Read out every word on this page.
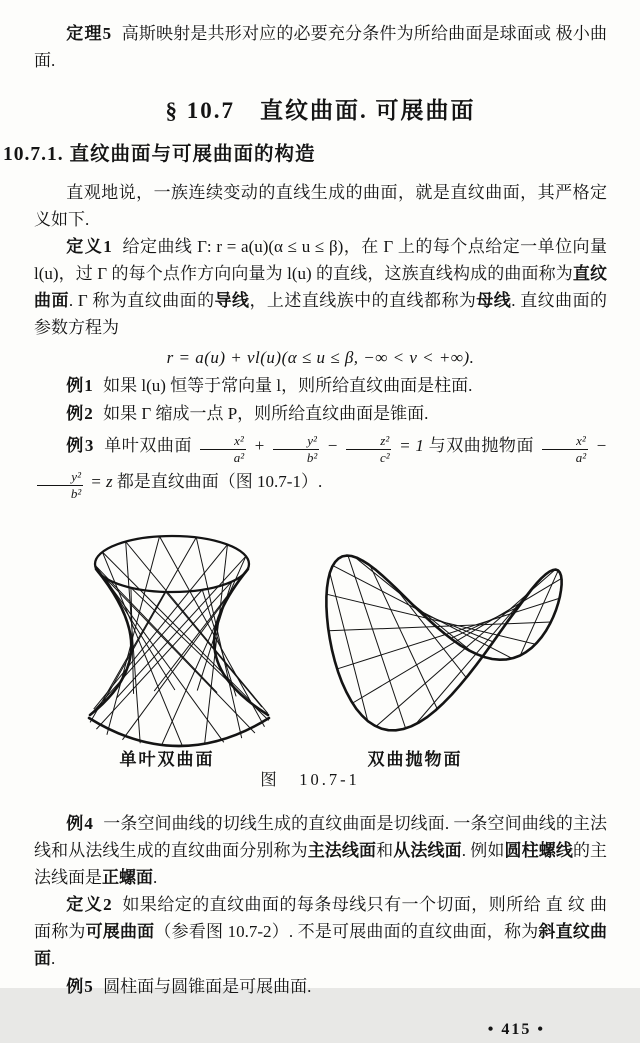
定理5 高斯映射是共形对应的必要充分条件为所给曲面是球面或 极小曲面.

§ 10.7　直纹曲面. 可展曲面
10.7.1. 直纹曲面与可展曲面的构造

直观地说，一族连续变动的直线生成的曲面，就是直纹曲面，其严格定义如下.

定义1 给定曲线 Γ: r = a(u)(α ≤ u ≤ β)，在 Γ 上的每个点给定一单位向量 l(u)，过 Γ 的每个点作方向向量为 l(u) 的直线，这族直线构成的曲面称为直纹曲面. Γ 称为直纹曲面的导线，上述直线族中的直线都称为母线. 直纹曲面的参数方程为

r = a(u) + vl(u)(α ≤ u ≤ β, −∞ < v < +∞).

例1 如果 l(u) 恒等于常向量 l，则所给直纹曲面是柱面.

例2 如果 Γ 缩成一点 P，则所给直纹曲面是锥面.

例3 单叶双曲面 $\frac{\text{x²}}{\text{a²}} + \frac{\text{y²}}{\text{b²}} - \frac{\text{z²}}{\text{c²}} = 1$ 与双曲抛物面 $\frac{\text{x²}}{\text{a²}}$ −
$\frac{\text{y²}}{\text{b²}} = z$ 都是直纹曲面（图 10.7-1）.

单叶双曲面	双曲抛物面
图　10.7-1

例4 一条空间曲线的切线生成的直纹曲面是切线面. 一条空间曲线的主法线和从法线生成的直纹曲面分别称为主法线面和从法线面. 例如圆柱螺线的主法线面是正螺面.

定义2 如果给定的直纹曲面的每条母线只有一个切面，则所给 直 纹 曲 面称为可展曲面（参看图 10.7-2）. 不是可展曲面的直纹曲面，称为斜直纹曲面.

例5 圆柱面与圆锥面是可展曲面.

• 415 •
